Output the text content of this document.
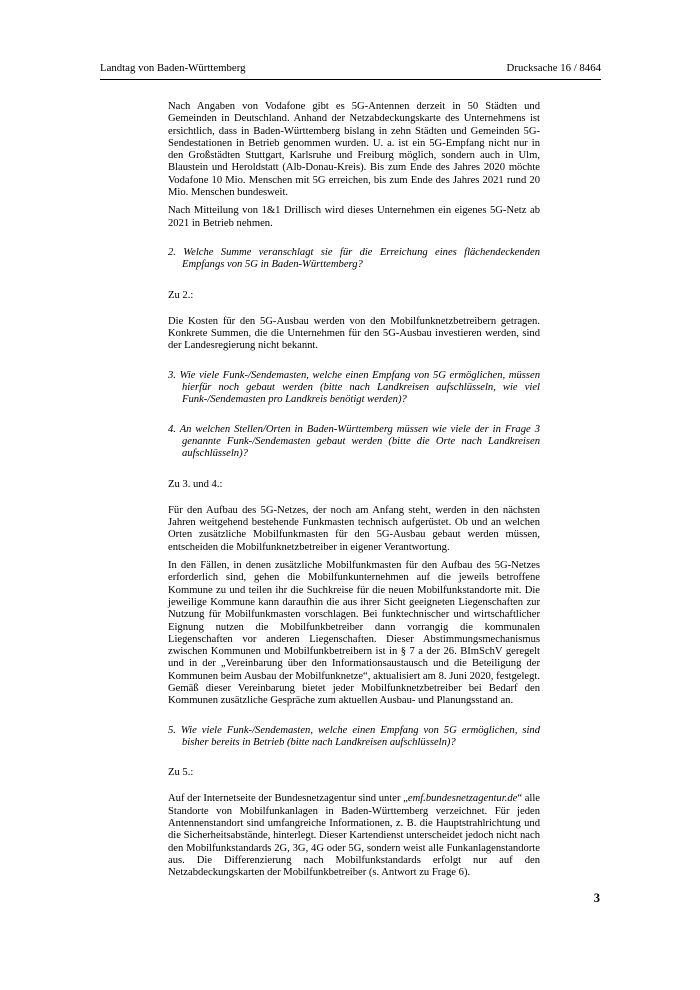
Landtag von Baden-Württemberg	Drucksache 16 / 8464

Nach Angaben von Vodafone gibt es 5G-Antennen derzeit in 50 Städten und Gemeinden in Deutschland. Anhand der Netzabdeckungskarte des Unternehmens ist ersichtlich, dass in Baden-Württemberg bislang in zehn Städten und Gemeinden 5G-Sendestationen in Betrieb genommen wurden. U. a. ist ein 5G-Empfang nicht nur in den Großstädten Stuttgart, Karlsruhe und Freiburg möglich, sondern auch in Ulm, Blaustein und Heroldstatt (Alb-Donau-Kreis). Bis zum Ende des Jahres 2020 möchte Vodafone 10 Mio. Menschen mit 5G erreichen, bis zum Ende des Jahres 2021 rund 20 Mio. Menschen bundesweit.

Nach Mitteilung von 1&1 Drillisch wird dieses Unternehmen ein eigenes 5G-Netz ab 2021 in Betrieb nehmen.

2. Welche Summe veranschlagt sie für die Erreichung eines flächendeckenden Empfangs von 5G in Baden-Württemberg?

Zu 2.:

Die Kosten für den 5G-Ausbau werden von den Mobilfunknetzbetreibern getragen. Konkrete Summen, die die Unternehmen für den 5G-Ausbau investieren werden, sind der Landesregierung nicht bekannt.

3. Wie viele Funk-/Sendemasten, welche einen Empfang von 5G ermöglichen, müssen hierfür noch gebaut werden (bitte nach Landkreisen aufschlüsseln, wie viel Funk-/Sendemasten pro Landkreis benötigt werden)?

4. An welchen Stellen/Orten in Baden-Württemberg müssen wie viele der in Frage 3 genannte Funk-/Sendemasten gebaut werden (bitte die Orte nach Landkreisen aufschlüsseln)?

Zu 3. und 4.:

Für den Aufbau des 5G-Netzes, der noch am Anfang steht, werden in den nächsten Jahren weitgehend bestehende Funkmasten technisch aufgerüstet. Ob und an welchen Orten zusätzliche Mobilfunkmasten für den 5G-Ausbau gebaut werden müssen, entscheiden die Mobilfunknetzbetreiber in eigener Verantwortung.

In den Fällen, in denen zusätzliche Mobilfunkmasten für den Aufbau des 5G-Netzes erforderlich sind, gehen die Mobilfunkunternehmen auf die jeweils betroffene Kommune zu und teilen ihr die Suchkreise für die neuen Mobilfunkstandorte mit. Die jeweilige Kommune kann daraufhin die aus ihrer Sicht geeigneten Liegenschaften zur Nutzung für Mobilfunkmasten vorschlagen. Bei funktechnischer und wirtschaftlicher Eignung nutzen die Mobilfunkbetreiber dann vorrangig die kommunalen Liegenschaften vor anderen Liegenschaften. Dieser Abstimmungsmechanismus zwischen Kommunen und Mobilfunkbetreibern ist in § 7 a der 26. BImSchV geregelt und in der „Vereinbarung über den Informationsaustausch und die Beteiligung der Kommunen beim Ausbau der Mobilfunknetze“, aktualisiert am 8. Juni 2020, festgelegt. Gemäß dieser Vereinbarung bietet jeder Mobilfunknetzbetreiber bei Bedarf den Kommunen zusätzliche Gespräche zum aktuellen Ausbau- und Planungsstand an.

5. Wie viele Funk-/Sendemasten, welche einen Empfang von 5G ermöglichen, sind bisher bereits in Betrieb (bitte nach Landkreisen aufschlüsseln)?

Zu 5.:

Auf der Internetseite der Bundesnetzagentur sind unter „emf.bundesnetzagentur.de“ alle Standorte von Mobilfunkanlagen in Baden-Württemberg verzeichnet. Für jeden Antennenstandort sind umfangreiche Informationen, z. B. die Hauptstrahlrichtung und die Sicherheitsabstände, hinterlegt. Dieser Kartendienst unterscheidet jedoch nicht nach den Mobilfunkstandards 2G, 3G, 4G oder 5G, sondern weist alle Funkanlagenstandorte aus. Die Differenzierung nach Mobilfunkstandards erfolgt nur auf den Netzabdeckungskarten der Mobilfunkbetreiber (s. Antwort zu Frage 6).

3
